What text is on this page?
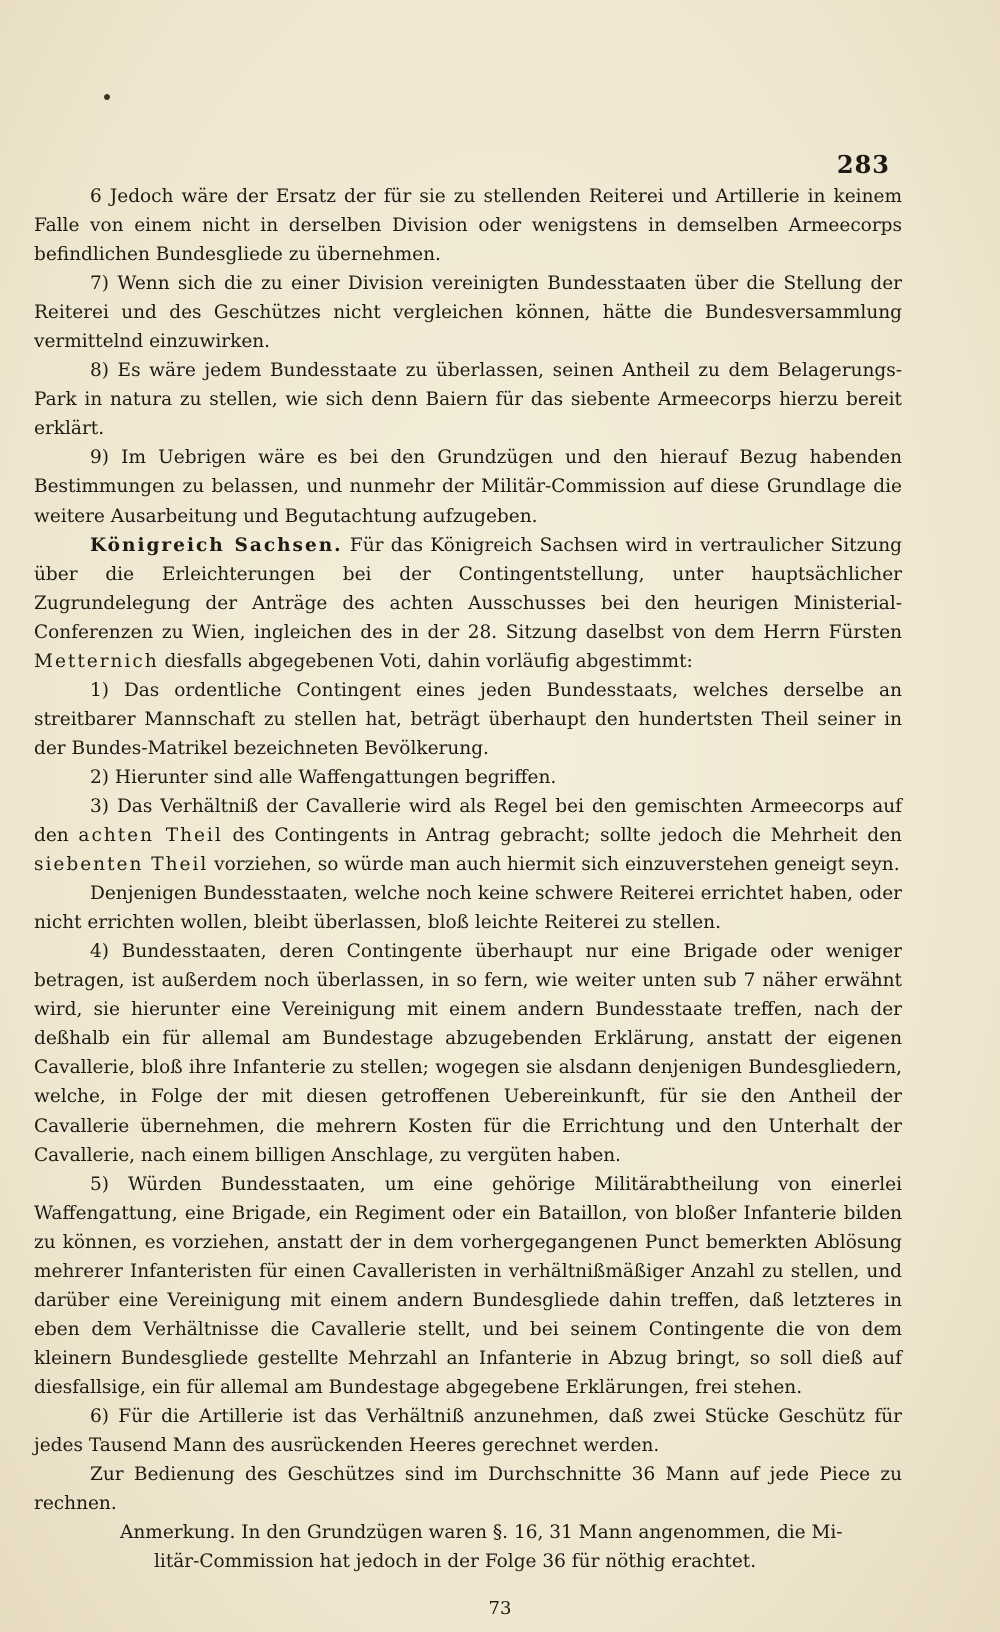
283

6 Jedoch wäre der Ersatz der für sie zu stellenden Reiterei und Artillerie in keinem Falle von einem nicht in derselben Division oder wenigstens in demselben Armeecorps befindlichen Bundesgliede zu übernehmen.

7) Wenn sich die zu einer Division vereinigten Bundesstaaten über die Stellung der Reiterei und des Geschützes nicht vergleichen können, hätte die Bundesversammlung vermittelnd einzuwirken.

8) Es wäre jedem Bundesstaate zu überlassen, seinen Antheil zu dem Belagerungs-Park in natura zu stellen, wie sich denn Baiern für das siebente Armeecorps hierzu bereit erklärt.

9) Im Uebrigen wäre es bei den Grundzügen und den hierauf Bezug habenden Bestimmungen zu belassen, und nunmehr der Militär-Commission auf diese Grundlage die weitere Ausarbeitung und Begutachtung aufzugeben.

Königreich Sachsen. Für das Königreich Sachsen wird in vertraulicher Sitzung über die Erleichterungen bei der Contingentstellung, unter hauptsächlicher Zugrundelegung der Anträge des achten Ausschusses bei den heurigen Ministerial-Conferenzen zu Wien, ingleichen des in der 28. Sitzung daselbst von dem Herrn Fürsten Metternich diesfalls abgegebenen Voti, dahin vorläufig abgestimmt:

1) Das ordentliche Contingent eines jeden Bundesstaats, welches derselbe an streitbarer Mannschaft zu stellen hat, beträgt überhaupt den hundertsten Theil seiner in der Bundes-Matrikel bezeichneten Bevölkerung.

2) Hierunter sind alle Waffengattungen begriffen.

3) Das Verhältniß der Cavallerie wird als Regel bei den gemischten Armeecorps auf den achten Theil des Contingents in Antrag gebracht; sollte jedoch die Mehrheit den siebenten Theil vorziehen, so würde man auch hiermit sich einzuverstehen geneigt seyn.

Denjenigen Bundesstaaten, welche noch keine schwere Reiterei errichtet haben, oder nicht errichten wollen, bleibt überlassen, bloß leichte Reiterei zu stellen.

4) Bundesstaaten, deren Contingente überhaupt nur eine Brigade oder weniger betragen, ist außerdem noch überlassen, in so fern, wie weiter unten sub 7 näher erwähnt wird, sie hierunter eine Vereinigung mit einem andern Bundesstaate treffen, nach der deßhalb ein für allemal am Bundestage abzugebenden Erklärung, anstatt der eigenen Cavallerie, bloß ihre Infanterie zu stellen; wogegen sie alsdann denjenigen Bundesgliedern, welche, in Folge der mit diesen getroffenen Uebereinkunft, für sie den Antheil der Cavallerie übernehmen, die mehrern Kosten für die Errichtung und den Unterhalt der Cavallerie, nach einem billigen Anschlage, zu vergüten haben.

5) Würden Bundesstaaten, um eine gehörige Militärabtheilung von einerlei Waffengattung, eine Brigade, ein Regiment oder ein Bataillon, von bloßer Infanterie bilden zu können, es vorziehen, anstatt der in dem vorhergegangenen Punct bemerkten Ablösung mehrerer Infanteristen für einen Cavalleristen in verhältnißmäßiger Anzahl zu stellen, und darüber eine Vereinigung mit einem andern Bundesgliede dahin treffen, daß letzteres in eben dem Verhältnisse die Cavallerie stellt, und bei seinem Contingente die von dem kleinern Bundesgliede gestellte Mehrzahl an Infanterie in Abzug bringt, so soll dieß auf diesfallsige, ein für allemal am Bundestage abgegebene Erklärungen, frei stehen.

6) Für die Artillerie ist das Verhältniß anzunehmen, daß zwei Stücke Geschütz für jedes Tausend Mann des ausrückenden Heeres gerechnet werden.

Zur Bedienung des Geschützes sind im Durchschnitte 36 Mann auf jede Piece zu rechnen.

Anmerkung. In den Grundzügen waren §. 16, 31 Mann angenommen, die Mi-

litär-Commission hat jedoch in der Folge 36 für nöthig erachtet.

73
